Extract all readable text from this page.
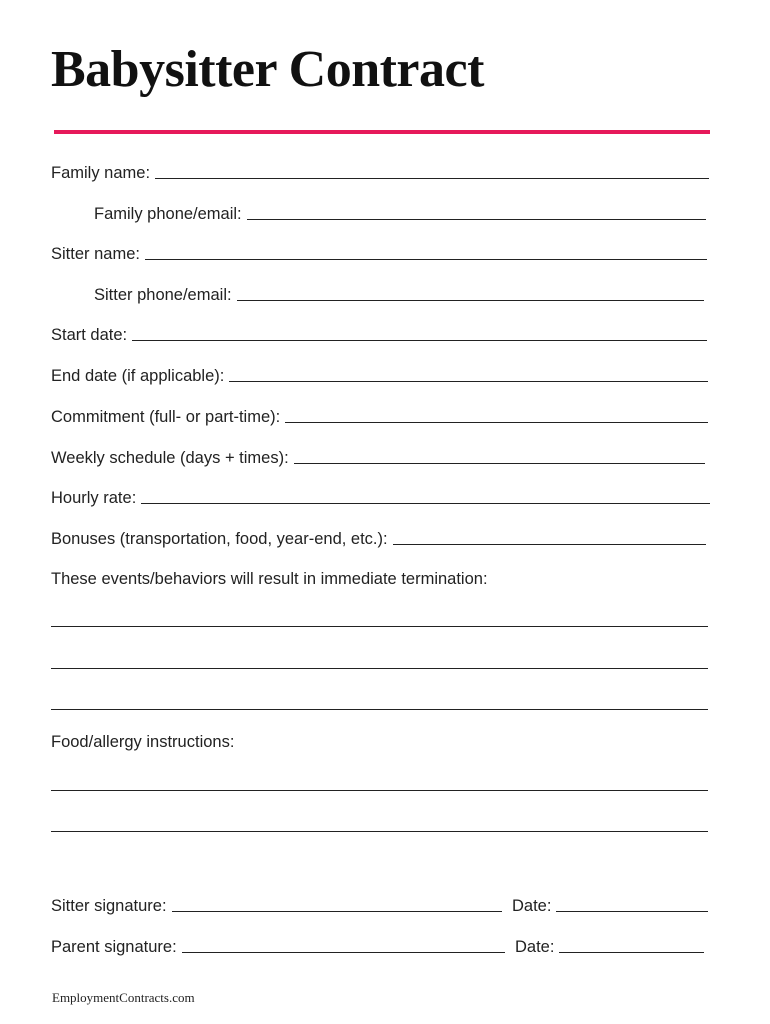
Babysitter Contract
Family name:
Family phone/email:
Sitter name:
Sitter phone/email:
Start date:
End date (if applicable):
Commitment (full- or part-time):
Weekly schedule (days + times):
Hourly rate:
Bonuses (transportation, food, year-end, etc.):
These events/behaviors will result in immediate termination:
Food/allergy instructions:
Sitter signature:	Date:
Parent signature:	Date:
EmploymentContracts.com
